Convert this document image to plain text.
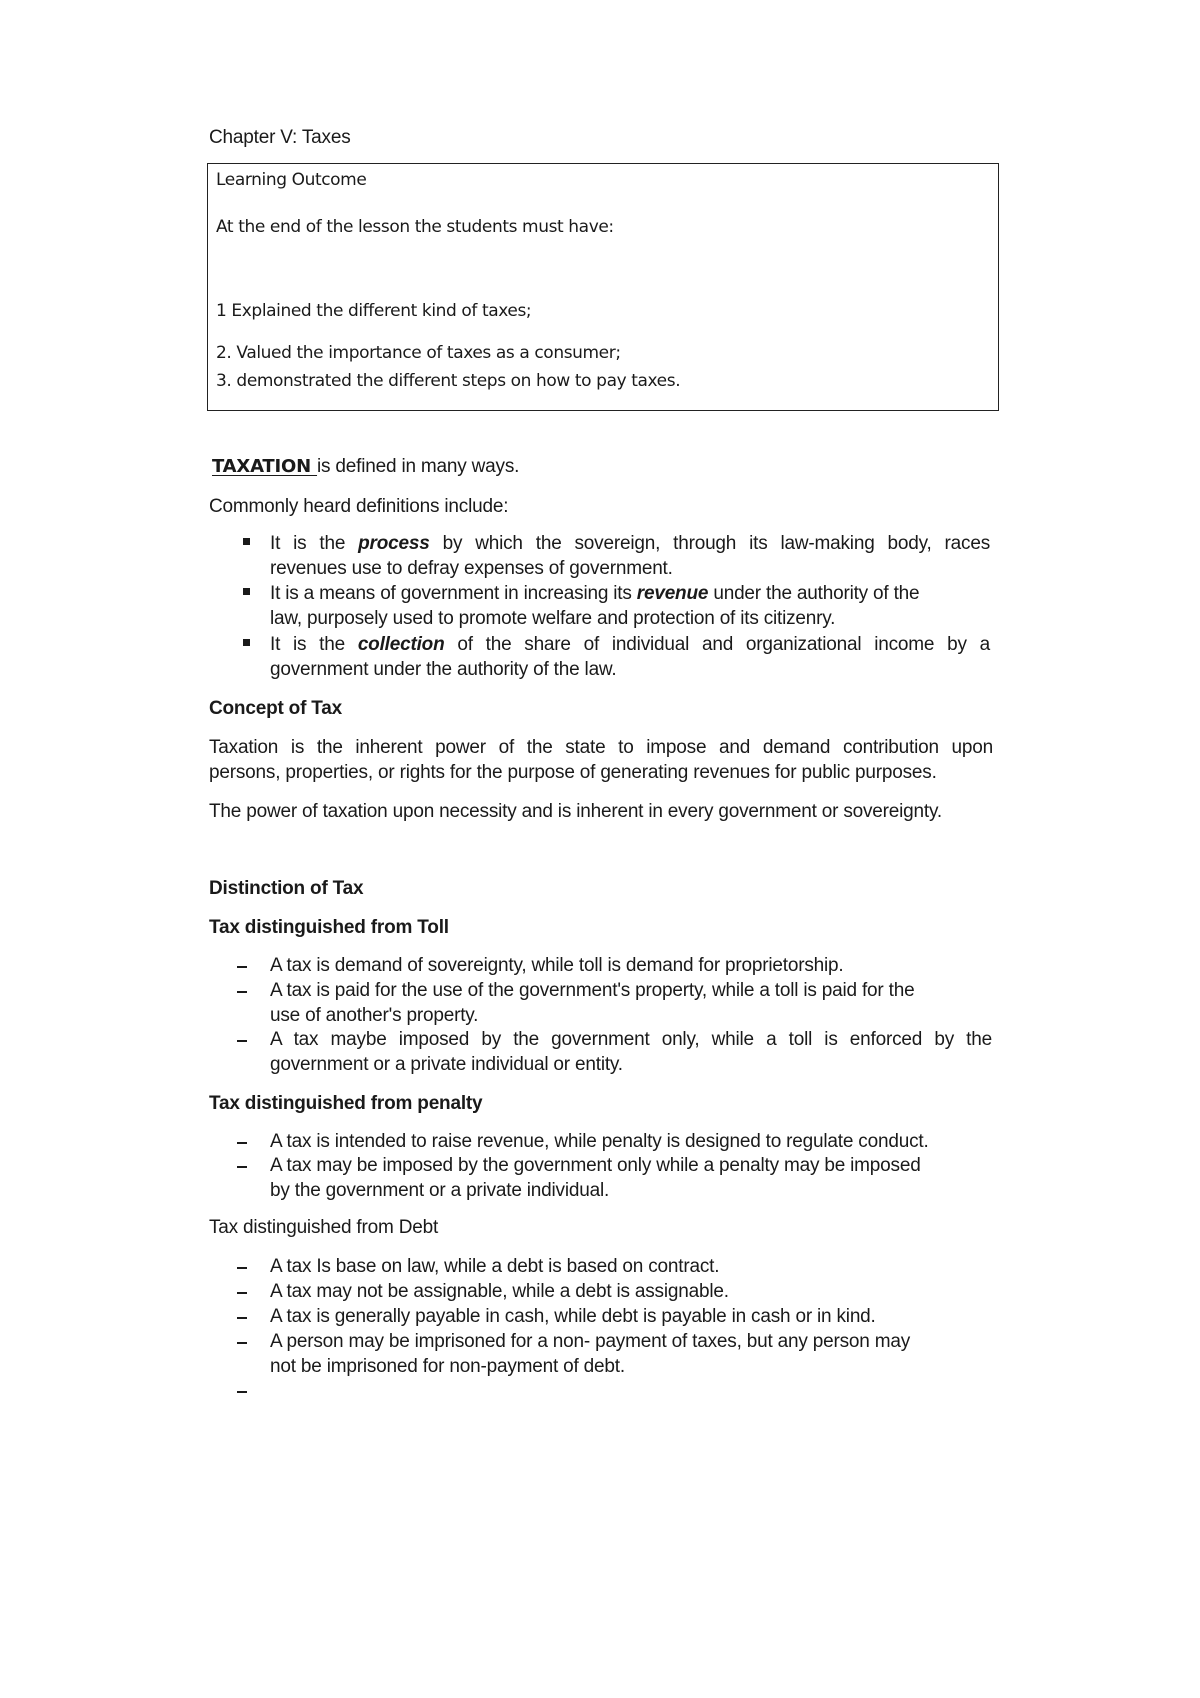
Chapter V: Taxes

Learning Outcome

At the end of the lesson the students must have:

1 Explained the different kind of taxes;

2. Valued the importance of taxes as a consumer;

3. demonstrated the different steps on how to pay taxes.

TAXATION is defined in many ways.

Commonly heard definitions include:

It is the process by which the sovereign, through its law-making body, races

revenues use to defray expenses of government.

It is a means of government in increasing its revenue under the authority of the

law, purposely used to promote welfare and protection of its citizenry.

It is the collection of the share of individual and organizational income by a

government under the authority of the law.

Concept of Tax

Taxation is the inherent power of the state to impose and demand contribution upon

persons, properties, or rights for the purpose of generating revenues for public purposes.

The power of taxation upon necessity and is inherent in every government or sovereignty.

Distinction of Tax

Tax distinguished from Toll

A tax is demand of sovereignty, while toll is demand for proprietorship.

A tax is paid for the use of the government's property, while a toll is paid for the

use of another's property.

A tax maybe imposed by the government only, while a toll is enforced by the

government or a private individual or entity.

Tax distinguished from penalty

A tax is intended to raise revenue, while penalty is designed to regulate conduct.

A tax may be imposed by the government only while a penalty may be imposed

by the government or a private individual.

Tax distinguished from Debt

A tax Is base on law, while a debt is based on contract.

A tax may not be assignable, while a debt is assignable.

A tax is generally payable in cash, while debt is payable in cash or in kind.

A person may be imprisoned for a non- payment of taxes, but any person may

not be imprisoned for non-payment of debt.
